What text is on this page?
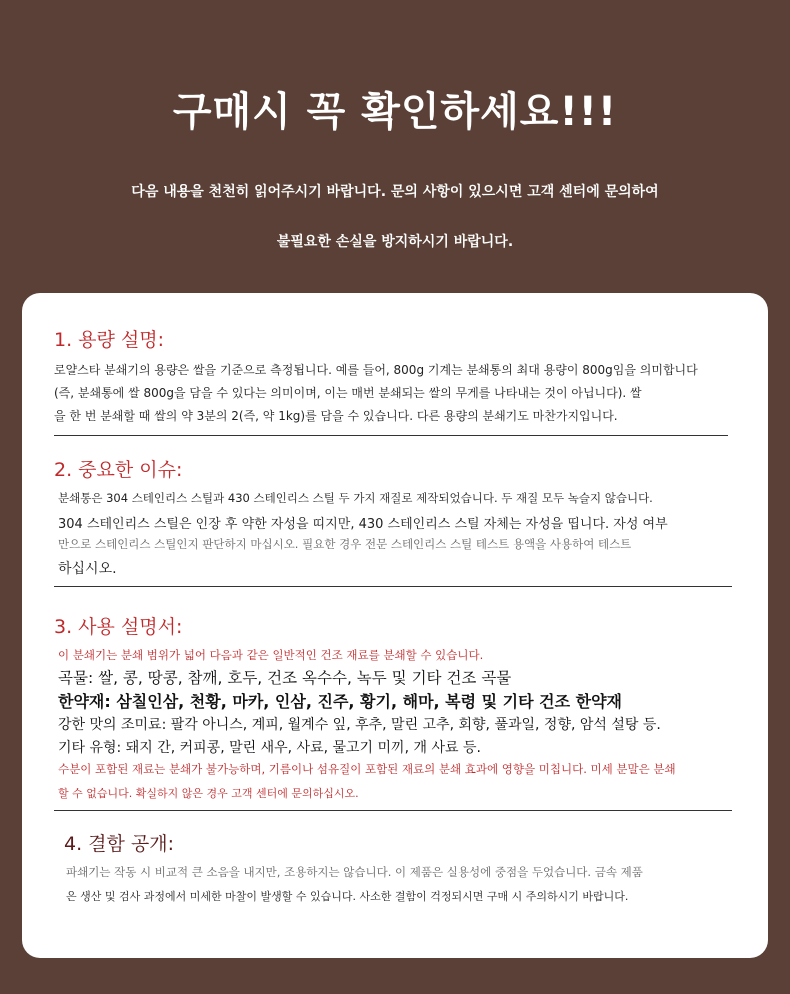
구매시 꼭 확인하세요!!!
다음 내용을 천천히 읽어주시기 바랍니다. 문의 사항이 있으시면 고객 센터에 문의하여
불필요한 손실을 방지하시기 바랍니다.
1. 용량 설명:
로얄스타 분쇄기의 용량은 쌀을 기준으로 측정됩니다. 예를 들어, 800g 기계는 분쇄통의 최대 용량이 800g임을 의미합니다
(즉, 분쇄통에 쌀 800g을 담을 수 있다는 의미이며, 이는 매번 분쇄되는 쌀의 무게를 나타내는 것이 아닙니다). 쌀
을 한 번 분쇄할 때 쌀의 약 3분의 2(즉, 약 1kg)를 담을 수 있습니다. 다른 용량의 분쇄기도 마찬가지입니다.
2. 중요한 이슈:
분쇄통은 304 스테인리스 스틸과 430 스테인리스 스틸 두 가지 재질로 제작되었습니다. 두 재질 모두 녹슬지 않습니다.
304 스테인리스 스틸은 인장 후 약한 자성을 띠지만, 430 스테인리스 스틸 자체는 자성을 띱니다. 자성 여부
만으로 스테인리스 스틸인지 판단하지 마십시오. 필요한 경우 전문 스테인리스 스틸 테스트 용액을 사용하여 테스트
하십시오.
3. 사용 설명서:
이 분쇄기는 분쇄 범위가 넓어 다음과 같은 일반적인 건조 재료를 분쇄할 수 있습니다.
곡물: 쌀, 콩, 땅콩, 참깨, 호두, 건조 옥수수, 녹두 및 기타 건조 곡물
한약재: 삼칠인삼, 천황, 마카, 인삼, 진주, 황기, 해마, 복령 및 기타 건조 한약재
강한 맛의 조미료: 팔각 아니스, 계피, 월계수 잎, 후추, 말린 고추, 회향, 풀과일, 정향, 암석 설탕 등.
기타 유형: 돼지 간, 커피콩, 말린 새우, 사료, 물고기 미끼, 개 사료 등.
수분이 포함된 재료는 분쇄가 불가능하며, 기름이나 섬유질이 포함된 재료의 분쇄 효과에 영향을 미칩니다. 미세 분말은 분쇄
할 수 없습니다. 확실하지 않은 경우 고객 센터에 문의하십시오.
4. 결함 공개:
파쇄기는 작동 시 비교적 큰 소음을 내지만, 조용하지는 않습니다. 이 제품은 실용성에 중점을 두었습니다. 금속 제품
은 생산 및 검사 과정에서 미세한 마찰이 발생할 수 있습니다. 사소한 결함이 걱정되시면 구매 시 주의하시기 바랍니다.
